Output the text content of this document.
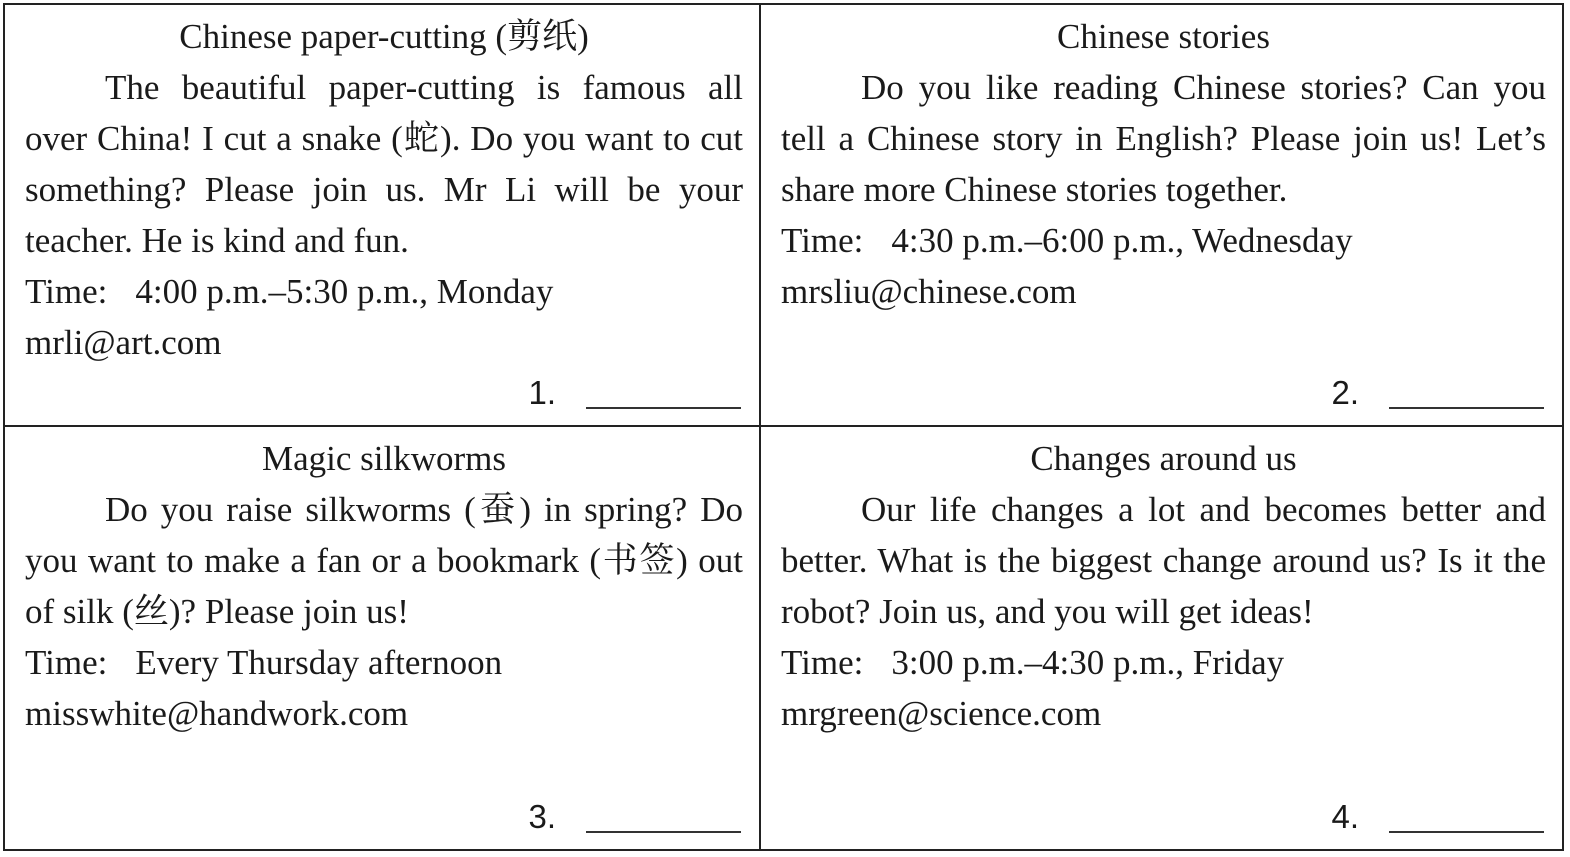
Chinese paper-cutting (剪纸)
The beautiful paper-cutting is famous all over China! I cut a snake (蛇). Do you want to cut something? Please join us. Mr Li will be your teacher. He is kind and fun.
Time: 4:00 p.m.–5:30 p.m., Monday
mrli@art.com
1.
Chinese stories
Do you like reading Chinese stories? Can you tell a Chinese story in English? Please join us! Let’s share more Chinese stories together.
Time: 4:30 p.m.–6:00 p.m., Wednesday
mrsliu@chinese.com
2.
Magic silkworms
Do you raise silkworms (蚕) in spring? Do you want to make a fan or a bookmark (书签) out of silk (丝)? Please join us!
Time: Every Thursday afternoon
misswhite@handwork.com
3.
Changes around us
Our life changes a lot and becomes better and better. What is the biggest change around us? Is it the robot? Join us, and you will get ideas!
Time: 3:00 p.m.–4:30 p.m., Friday
mrgreen@science.com
4.
